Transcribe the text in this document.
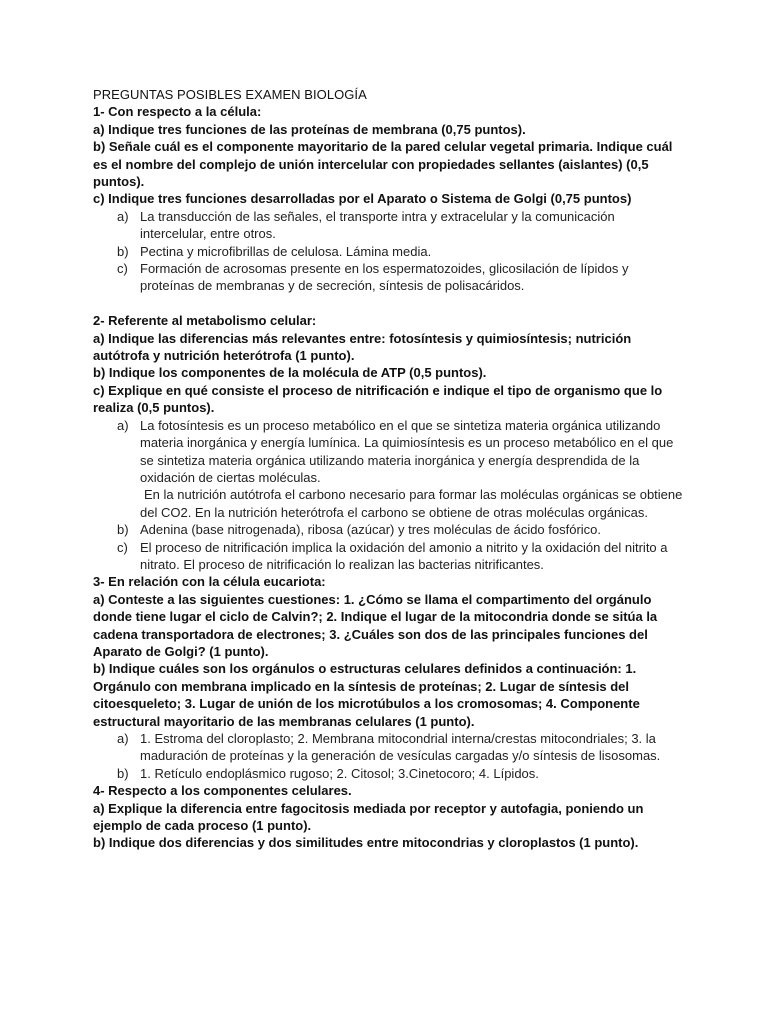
PREGUNTAS POSIBLES EXAMEN BIOLOGÍA
1- Con respecto a la célula:
a) Indique tres funciones de las proteínas de membrana (0,75 puntos).
b) Señale cuál es el componente mayoritario de la pared celular vegetal primaria. Indique cuál es el nombre del complejo de unión intercelular con propiedades sellantes (aislantes) (0,5 puntos).
c) Indique tres funciones desarrolladas por el Aparato o Sistema de Golgi (0,75 puntos)
a) La transducción de las señales, el transporte intra y extracelular y la comunicación intercelular, entre otros.
b) Pectina y microfibrillas de celulosa. Lámina media.
c) Formación de acrosomas presente en los espermatozoides, glicosilación de lípidos y proteínas de membranas y de secreción, síntesis de polisacáridos.
2- Referente al metabolismo celular:
a) Indique las diferencias más relevantes entre: fotosíntesis y quimiosíntesis; nutrición autótrofa y nutrición heterótrofa (1 punto).
b) Indique los componentes de la molécula de ATP (0,5 puntos).
c) Explique en qué consiste el proceso de nitrificación e indique el tipo de organismo que lo realiza (0,5 puntos).
a) La fotosíntesis es un proceso metabólico en el que se sintetiza materia orgánica utilizando materia inorgánica y energía lumínica. La quimiosíntesis es un proceso metabólico en el que se sintetiza materia orgánica utilizando materia inorgánica y energía desprendida de la oxidación de ciertas moléculas.
En la nutrición autótrofa el carbono necesario para formar las moléculas orgánicas se obtiene del CO2. En la nutrición heterótrofa el carbono se obtiene de otras moléculas orgánicas.
b) Adenina (base nitrogenada), ribosa (azúcar) y tres moléculas de ácido fosfórico.
c) El proceso de nitrificación implica la oxidación del amonio a nitrito y la oxidación del nitrito a nitrato. El proceso de nitrificación lo realizan las bacterias nitrificantes.
3- En relación con la célula eucariota:
a) Conteste a las siguientes cuestiones: 1. ¿Cómo se llama el compartimento del orgánulo donde tiene lugar el ciclo de Calvin?; 2. Indique el lugar de la mitocondria donde se sitúa la cadena transportadora de electrones; 3. ¿Cuáles son dos de las principales funciones del Aparato de Golgi? (1 punto).
b) Indique cuáles son los orgánulos o estructuras celulares definidos a continuación: 1. Orgánulo con membrana implicado en la síntesis de proteínas; 2. Lugar de síntesis del citoesqueleto; 3. Lugar de unión de los microtúbulos a los cromosomas; 4. Componente estructural mayoritario de las membranas celulares (1 punto).
a) 1. Estroma del cloroplasto; 2. Membrana mitocondrial interna/crestas mitocondriales; 3. la maduración de proteínas y la generación de vesículas cargadas y/o síntesis de lisosomas.
b) 1. Retículo endoplásmico rugoso; 2. Citosol; 3.Cinetocoro; 4. Lípidos.
4- Respecto a los componentes celulares.
a) Explique la diferencia entre fagocitosis mediada por receptor y autofagia, poniendo un ejemplo de cada proceso (1 punto).
b) Indique dos diferencias y dos similitudes entre mitocondrias y cloroplastos (1 punto).
